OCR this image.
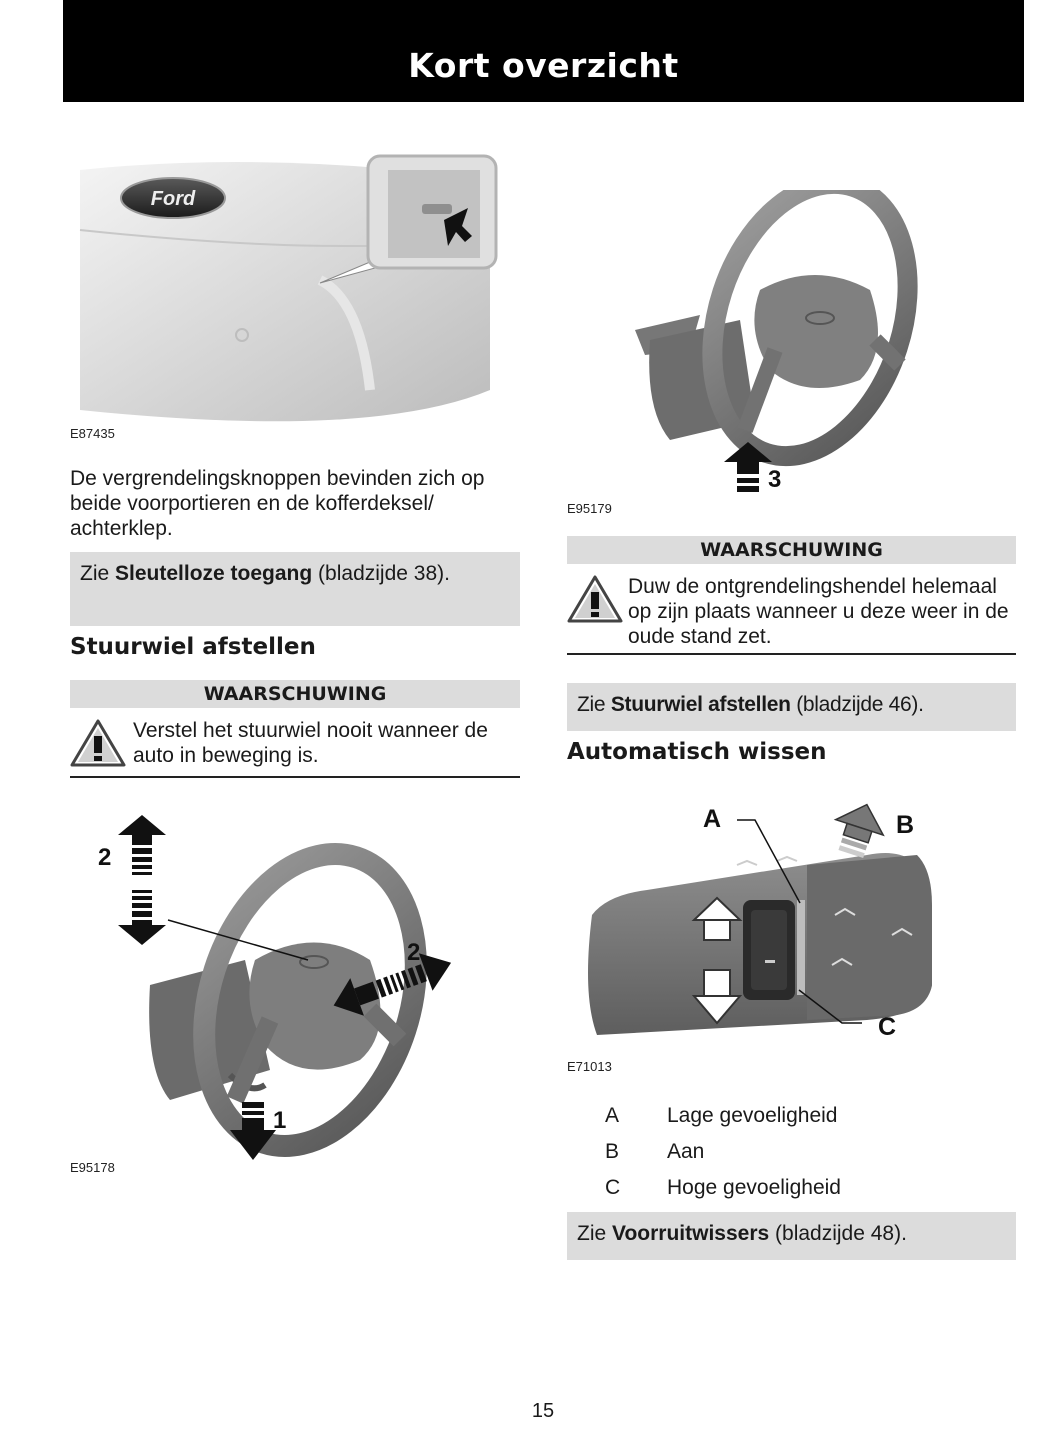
Kort overzicht
Ford
E87435
De vergrendelingsknoppen bevinden zich op beide voorportieren en de kofferdeksel/ achterklep.
Zie Sleutelloze toegang (bladzijde 38).
Stuurwiel afstellen
WAARSCHUWING
Verstel het stuurwiel nooit wanneer de auto in beweging is.
2
2
1
E95178
3
E95179
WAARSCHUWING
Duw de ontgrendelingshendel helemaal op zijn plaats wanneer u deze weer in de oude stand zet.
Zie Stuurwiel afstellen (bladzijde 46).
Automatisch wissen
A	B
C
E71013
A Lage gevoeligheid
B Aan
C Hoge gevoeligheid
Zie Voorruitwissers (bladzijde 48).
15
